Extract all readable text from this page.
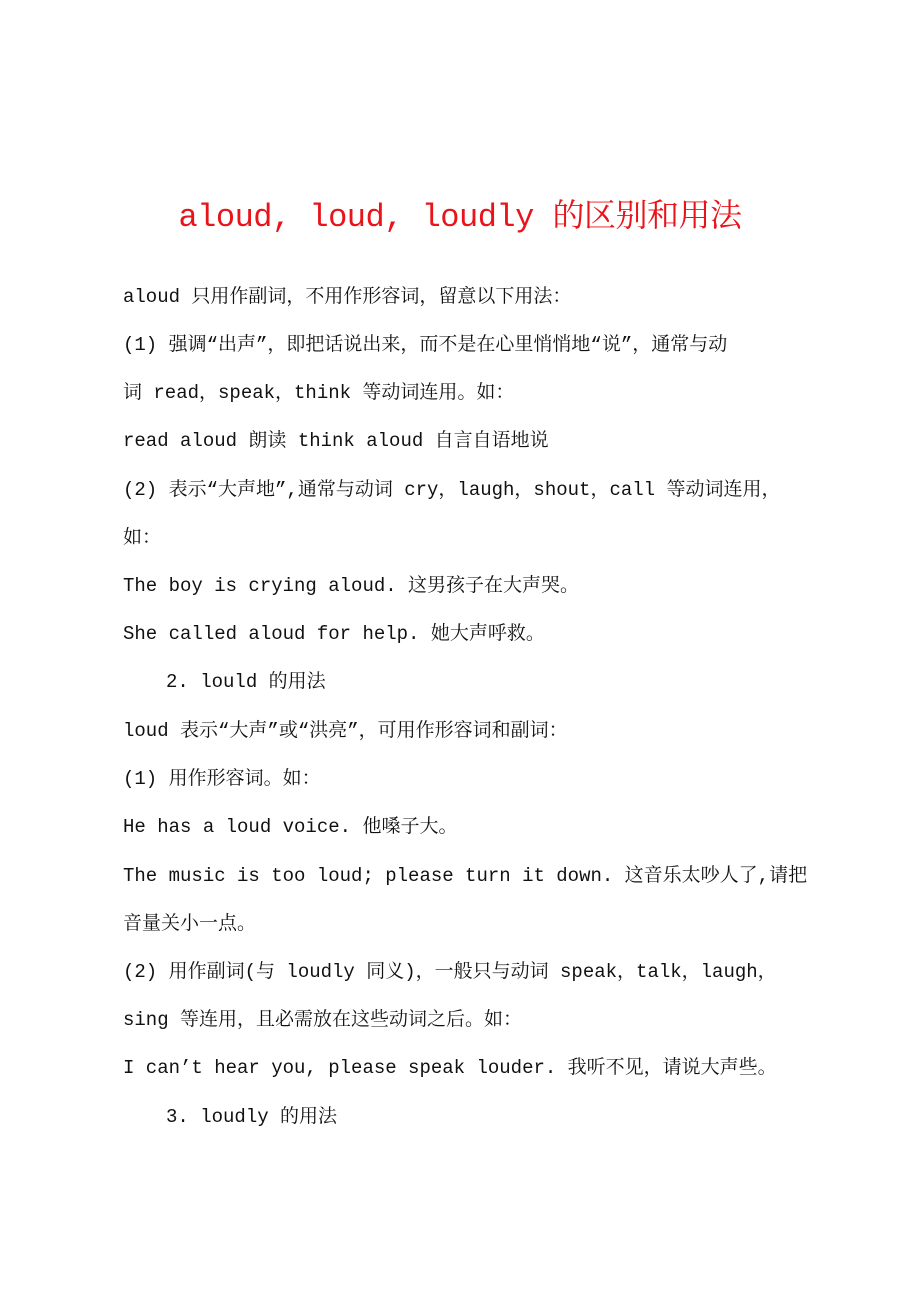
aloud, loud, loudly 的区别和用法
aloud 只用作副词，不用作形容词，留意以下用法：
(1) 强调“出声”，即把话说出来，而不是在心里悄悄地“说”，通常与动
词 read，speak，think 等动词连用。如：
read aloud 朗读 think aloud 自言自语地说
(2) 表示“大声地”,通常与动词 cry，laugh，shout，call 等动词连用，
如：
The boy is crying aloud. 这男孩子在大声哭。
She called aloud for help. 她大声呼救。
2. lould 的用法
loud 表示“大声”或“洪亮”，可用作形容词和副词：
(1) 用作形容词。如：
He has a loud voice. 他嗓子大。
The music is too loud; please turn it down. 这音乐太吵人了,请把
音量关小一点。
(2) 用作副词(与 loudly 同义)，一般只与动词 speak，talk，laugh，
sing 等连用，且必需放在这些动词之后。如：
I can’t hear you, please speak louder. 我听不见，请说大声些。
3. loudly 的用法
